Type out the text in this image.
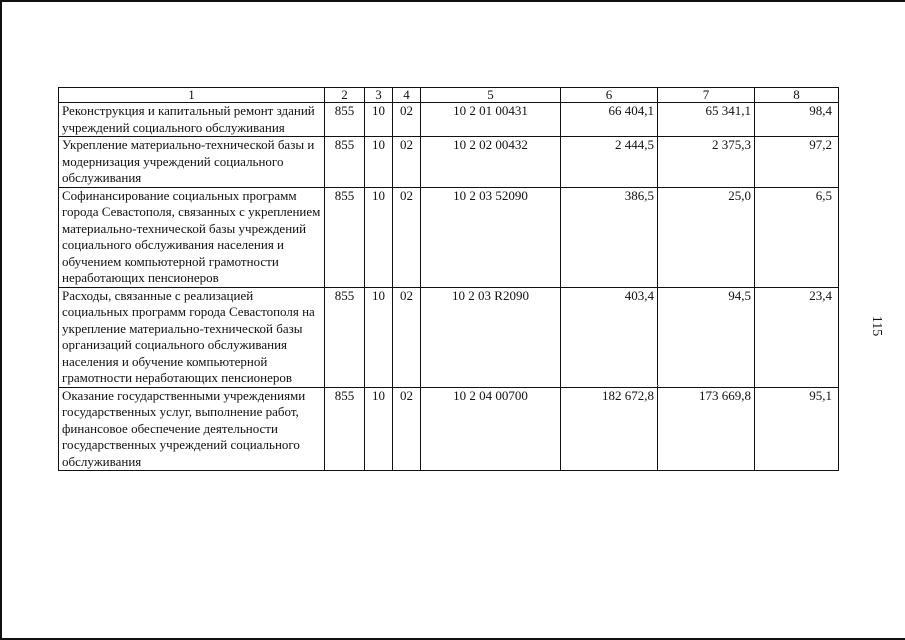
1	2	3	4	5	6	7	8
Реконструкция и капитальный ремонт зданий учреждений социального обслуживания	855	10	02	10 2 01 00431	66 404,1	65 341,1	98,4
Укрепление материально-технической базы и модернизация учреждений социального обслуживания	855	10	02	10 2 02 00432	2 444,5	2 375,3	97,2
Софинансирование социальных программ города Севастополя, связанных с укреплением материально-технической базы учреждений социального обслуживания населения и обучением компьютерной грамотности неработающих пенсионеров	855	10	02	10 2 03 52090	386,5	25,0	6,5
Расходы, связанные с реализацией социальных программ города Севастополя на укрепление материально-технической базы организаций социального обслуживания населения и обучение компьютерной грамотности неработающих пенсионеров	855	10	02	10 2 03 R2090	403,4	94,5	23,4
Оказание государственными учреждениями государственных услуг, выполнение работ, финансовое обеспечение деятельности государственных учреждений социального обслуживания	855	10	02	10 2 04 00700	182 672,8	173 669,8	95,1
115
